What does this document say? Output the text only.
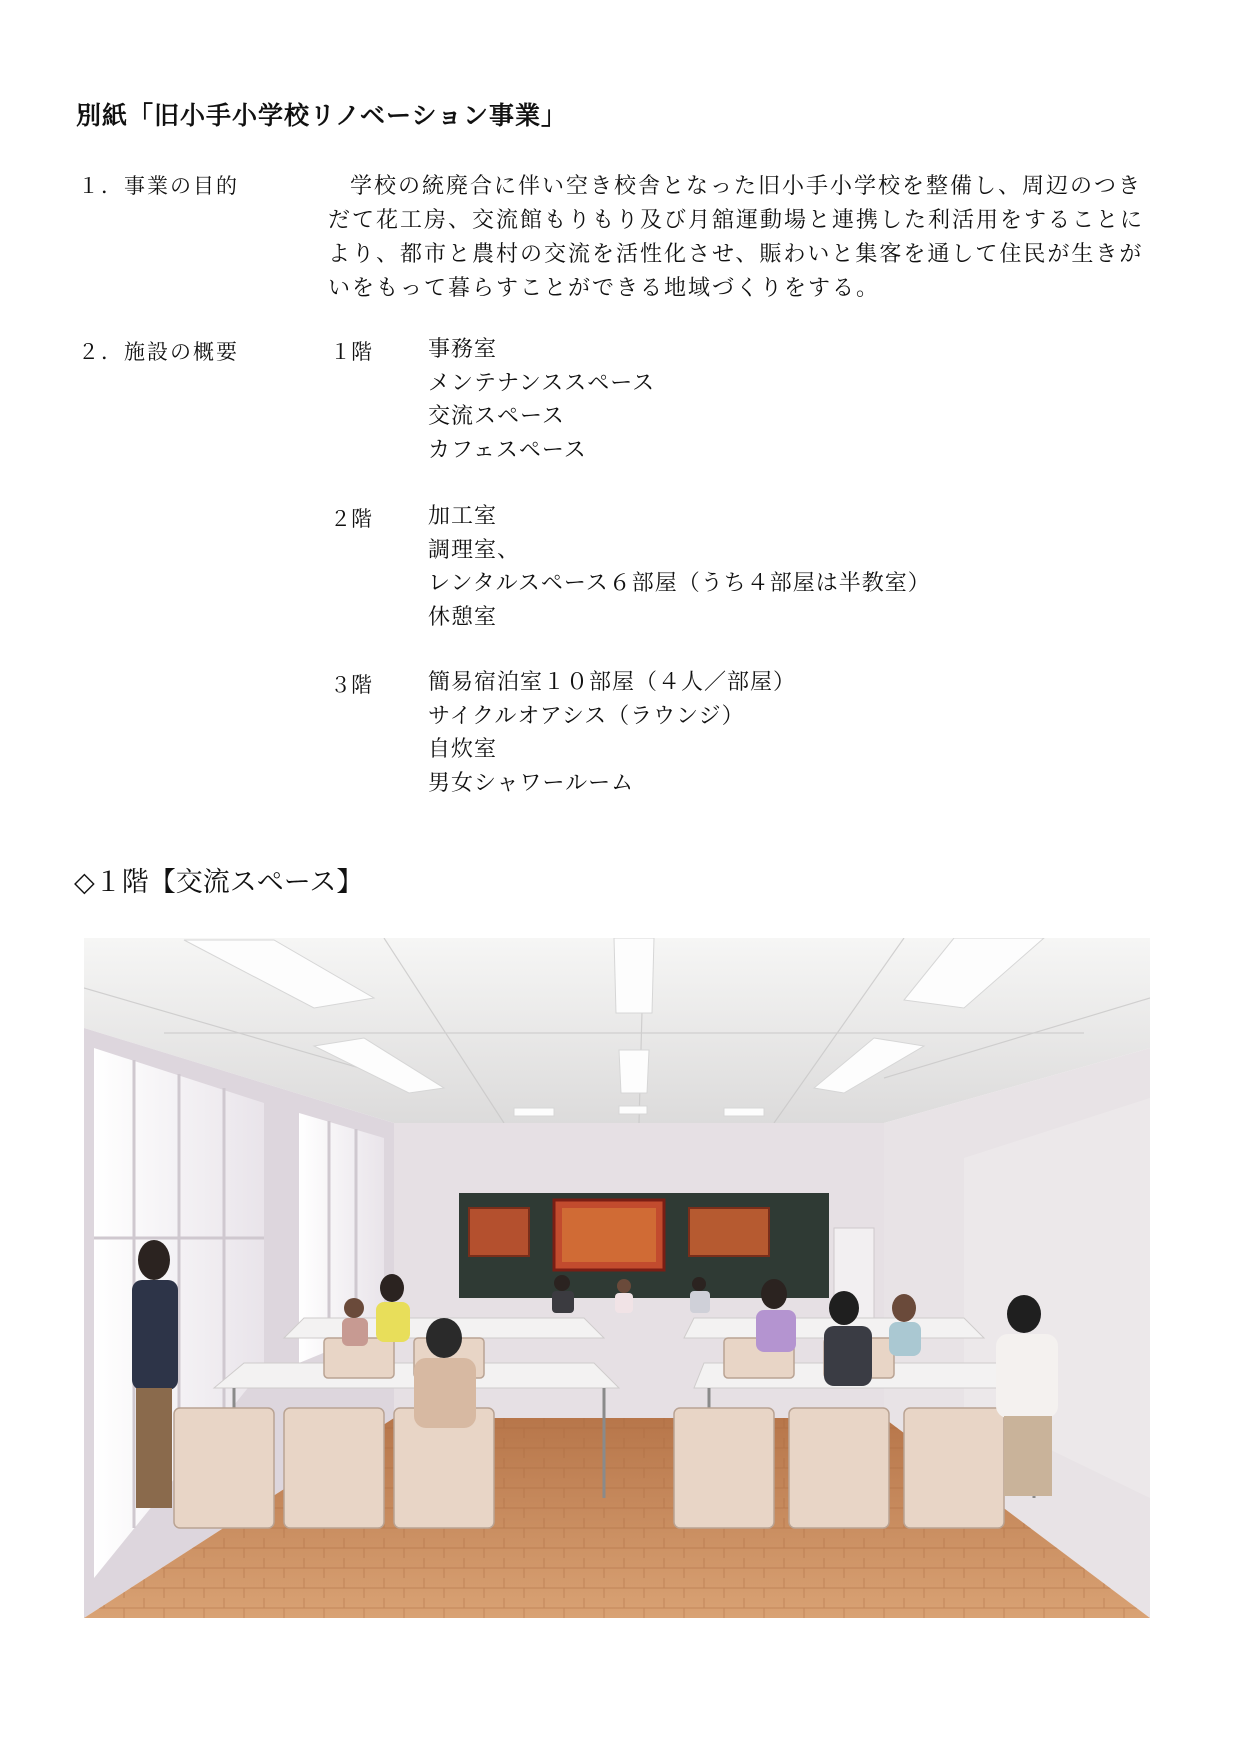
別紙「旧小手小学校リノベーション事業」
１．事業の目的	学校の統廃合に伴い空き校舎となった旧小手小学校を整備し、周辺のつきだて花工房、交流館もりもり及び月舘運動場と連携した利活用をすることにより、都市と農村の交流を活性化させ、賑わいと集客を通して住民が生きがいをもって暮らすことができる地域づくりをする。

２．施設の概要	１階	事務室
メンテナンススペース
交流スペース
カフェスペース
２階	加工室
調理室、
レンタルスペース６部屋（うち４部屋は半教室）
休憩室
３階	簡易宿泊室１０部屋（４人／部屋）
サイクルオアシス（ラウンジ）
自炊室
男女シャワールーム
◇１階【交流スペース】
